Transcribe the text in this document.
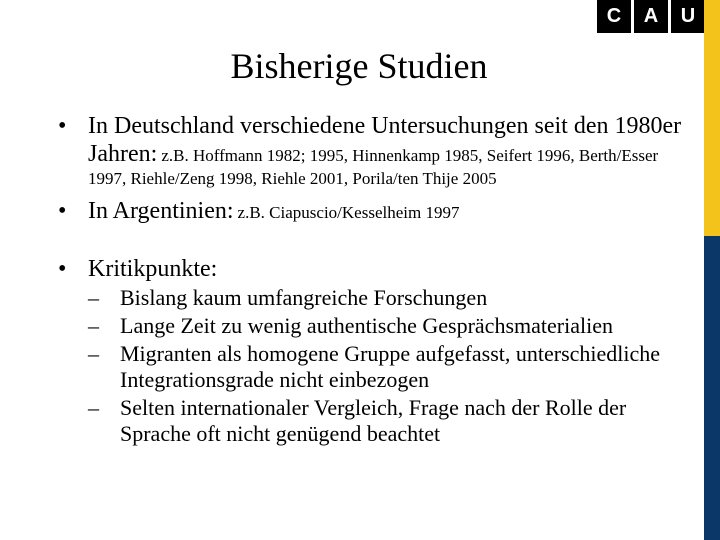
C	A	U
Bisherige Studien
• In Deutschland verschiedene Untersuchungen seit den 1980er Jahren: z.B. Hoffmann 1982; 1995, Hinnenkamp 1985, Seifert 1996, Berth/Esser 1997, Riehle/Zeng 1998, Riehle 2001, Porila/ten Thije 2005
• In Argentinien: z.B. Ciapuscio/Kesselheim 1997
• Kritikpunkte:
– Bislang kaum umfangreiche Forschungen
– Lange Zeit zu wenig authentische Gesprächsmaterialien
– Migranten als homogene Gruppe aufgefasst, unterschiedliche Integrationsgrade nicht einbezogen
– Selten internationaler Vergleich, Frage nach der Rolle der Sprache oft nicht genügend beachtet
